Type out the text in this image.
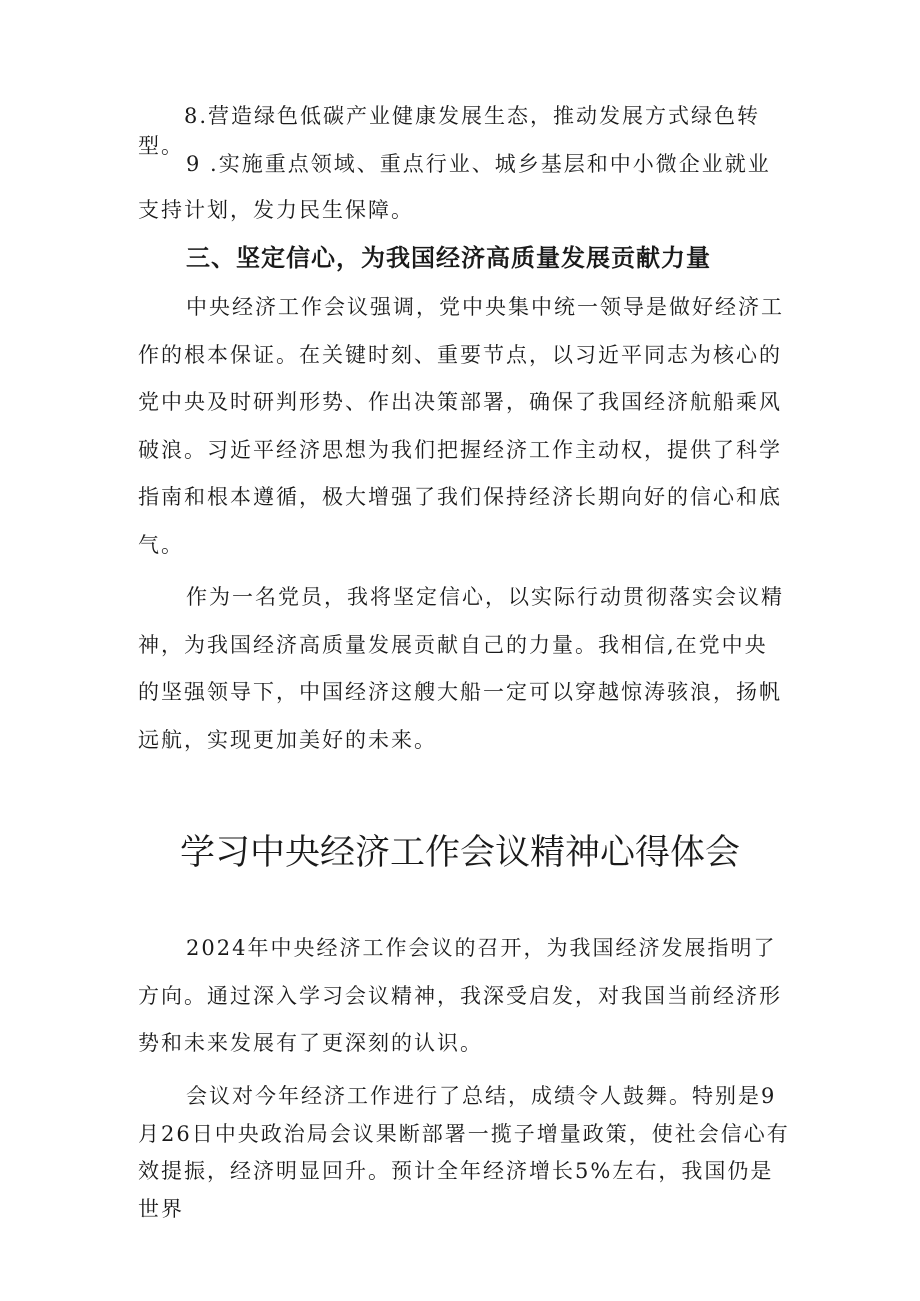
8.营造绿色低碳产业健康发展生态，推动发展方式绿色转型。

9 .实施重点领域、重点行业、城乡基层和中小微企业就业支持计划，发力民生保障。

三、坚定信心，为我国经济高质量发展贡献力量

中央经济工作会议强调，党中央集中统一领导是做好经济工作的根本保证。在关键时刻、重要节点，以习近平同志为核心的党中央及时研判形势、作出决策部署，确保了我国经济航船乘风破浪。习近平经济思想为我们把握经济工作主动权，提供了科学指南和根本遵循，极大增强了我们保持经济长期向好的信心和底气。

作为一名党员，我将坚定信心，以实际行动贯彻落实会议精神，为我国经济高质量发展贡献自己的力量。我相信,在党中央的坚强领导下，中国经济这艘大船一定可以穿越惊涛骇浪，扬帆远航，实现更加美好的未来。

学习中央经济工作会议精神心得体会

2024年中央经济工作会议的召开，为我国经济发展指明了方向。通过深入学习会议精神，我深受启发，对我国当前经济形势和未来发展有了更深刻的认识。

会议对今年经济工作进行了总结，成绩令人鼓舞。特别是9月26日中央政治局会议果断部署一揽子增量政策，使社会信心有效提振，经济明显回升。预计全年经济增长5%左右，我国仍是世界
